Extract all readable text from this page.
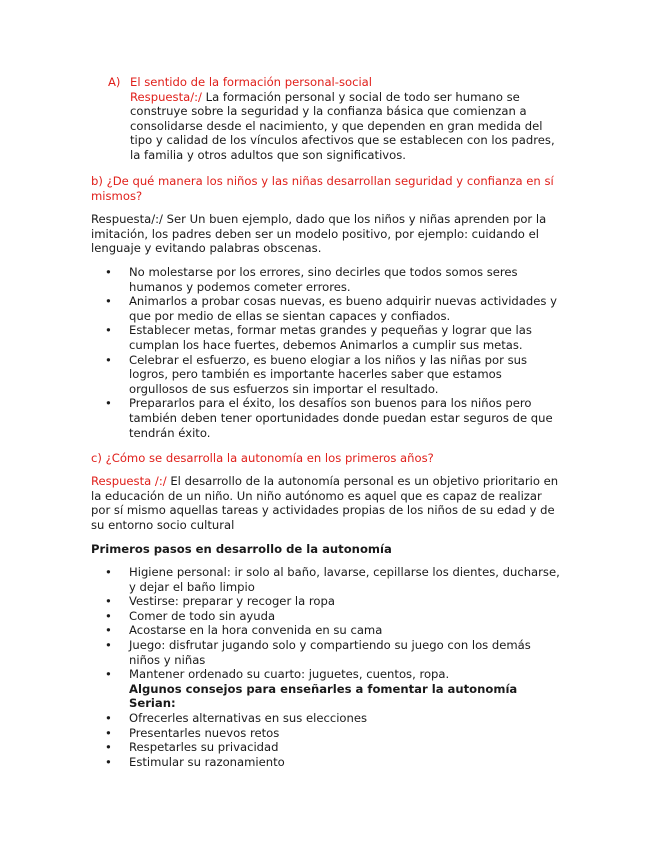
A) El sentido de la formación personal-social
Respuesta/:/ La formación personal y social de todo ser humano se construye sobre la seguridad y la confianza básica que comienzan a consolidarse desde el nacimiento, y que dependen en gran medida del tipo y calidad de los vínculos afectivos que se establecen con los padres, la familia y otros adultos que son significativos.
b) ¿De qué manera los niños y las niñas desarrollan seguridad y confianza en sí mismos?
Respuesta/:/ Ser Un buen ejemplo, dado que los niños y niñas aprenden por la imitación, los padres deben ser un modelo positivo, por ejemplo: cuidando el lenguaje y evitando palabras obscenas.
• No molestarse por los errores, sino decirles que todos somos seres humanos y podemos cometer errores.
• Animarlos a probar cosas nuevas, es bueno adquirir nuevas actividades y que por medio de ellas se sientan capaces y confiados.
• Establecer metas, formar metas grandes y pequeñas y lograr que las cumplan los hace fuertes, debemos Animarlos a cumplir sus metas.
• Celebrar el esfuerzo, es bueno elogiar a los niños y las niñas por sus logros, pero también es importante hacerles saber que estamos orgullosos de sus esfuerzos sin importar el resultado.
• Prepararlos para el éxito, los desafíos son buenos para los niños pero también deben tener oportunidades donde puedan estar seguros de que tendrán éxito.
c) ¿Cómo se desarrolla la autonomía en los primeros años?
Respuesta /:/ El desarrollo de la autonomía personal es un objetivo prioritario en la educación de un niño. Un niño autónomo es aquel que es capaz de realizar por sí mismo aquellas tareas y actividades propias de los niños de su edad y de su entorno socio cultural
Primeros pasos en desarrollo de la autonomía
• Higiene personal: ir solo al baño, lavarse, cepillarse los dientes, ducharse, y dejar el baño limpio
• Vestirse: preparar y recoger la ropa
• Comer de todo sin ayuda
• Acostarse en la hora convenida en su cama
• Juego: disfrutar jugando solo y compartiendo su juego con los demás niños y niñas
• Mantener ordenado su cuarto: juguetes, cuentos, ropa.
Algunos consejos para enseñarles a fomentar la autonomía Serian:
• Ofrecerles alternativas en sus elecciones
• Presentarles nuevos retos
• Respetarles su privacidad
• Estimular su razonamiento
